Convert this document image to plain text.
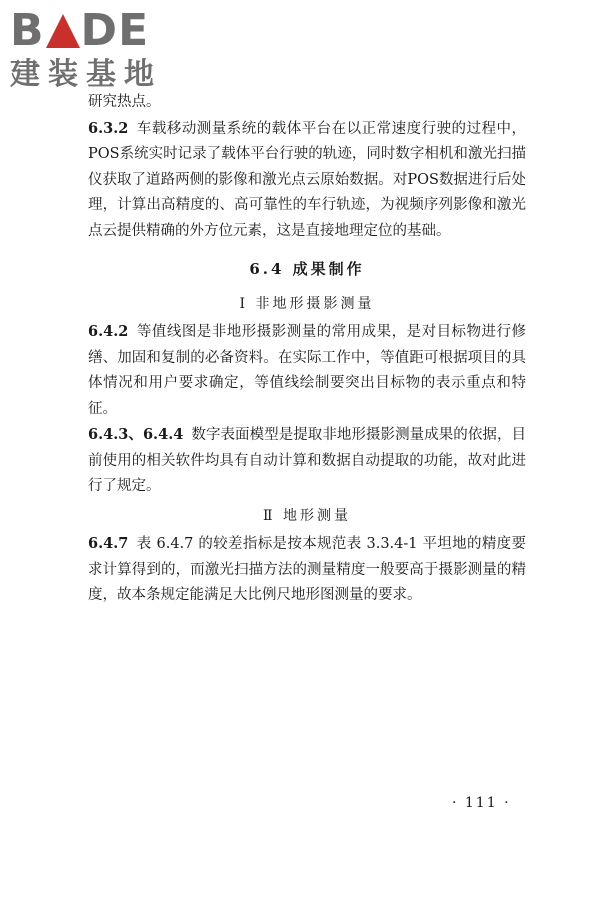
B DE
建装基地

研究热点。

6.3.2 车载移动测量系统的载体平台在以正常速度行驶的过程中，POS系统实时记录了载体平台行驶的轨迹，同时数字相机和激光扫描仪获取了道路两侧的影像和激光点云原始数据。对POS数据进行后处理，计算出高精度的、高可靠性的车行轨迹，为视频序列影像和激光点云提供精确的外方位元素，这是直接地理定位的基础。

6.4 成果制作
Ⅰ 非地形摄影测量

6.4.2 等值线图是非地形摄影测量的常用成果，是对目标物进行修缮、加固和复制的必备资料。在实际工作中，等值距可根据项目的具体情况和用户要求确定，等值线绘制要突出目标物的表示重点和特征。

6.4.3、6.4.4 数字表面模型是提取非地形摄影测量成果的依据，目前使用的相关软件均具有自动计算和数据自动提取的功能，故对此进行了规定。

Ⅱ 地形测量

6.4.7 表 6.4.7 的较差指标是按本规范表 3.3.4-1 平坦地的精度要求计算得到的，而激光扫描方法的测量精度一般要高于摄影测量的精度，故本条规定能满足大比例尺地形图测量的要求。

· 111 ·
